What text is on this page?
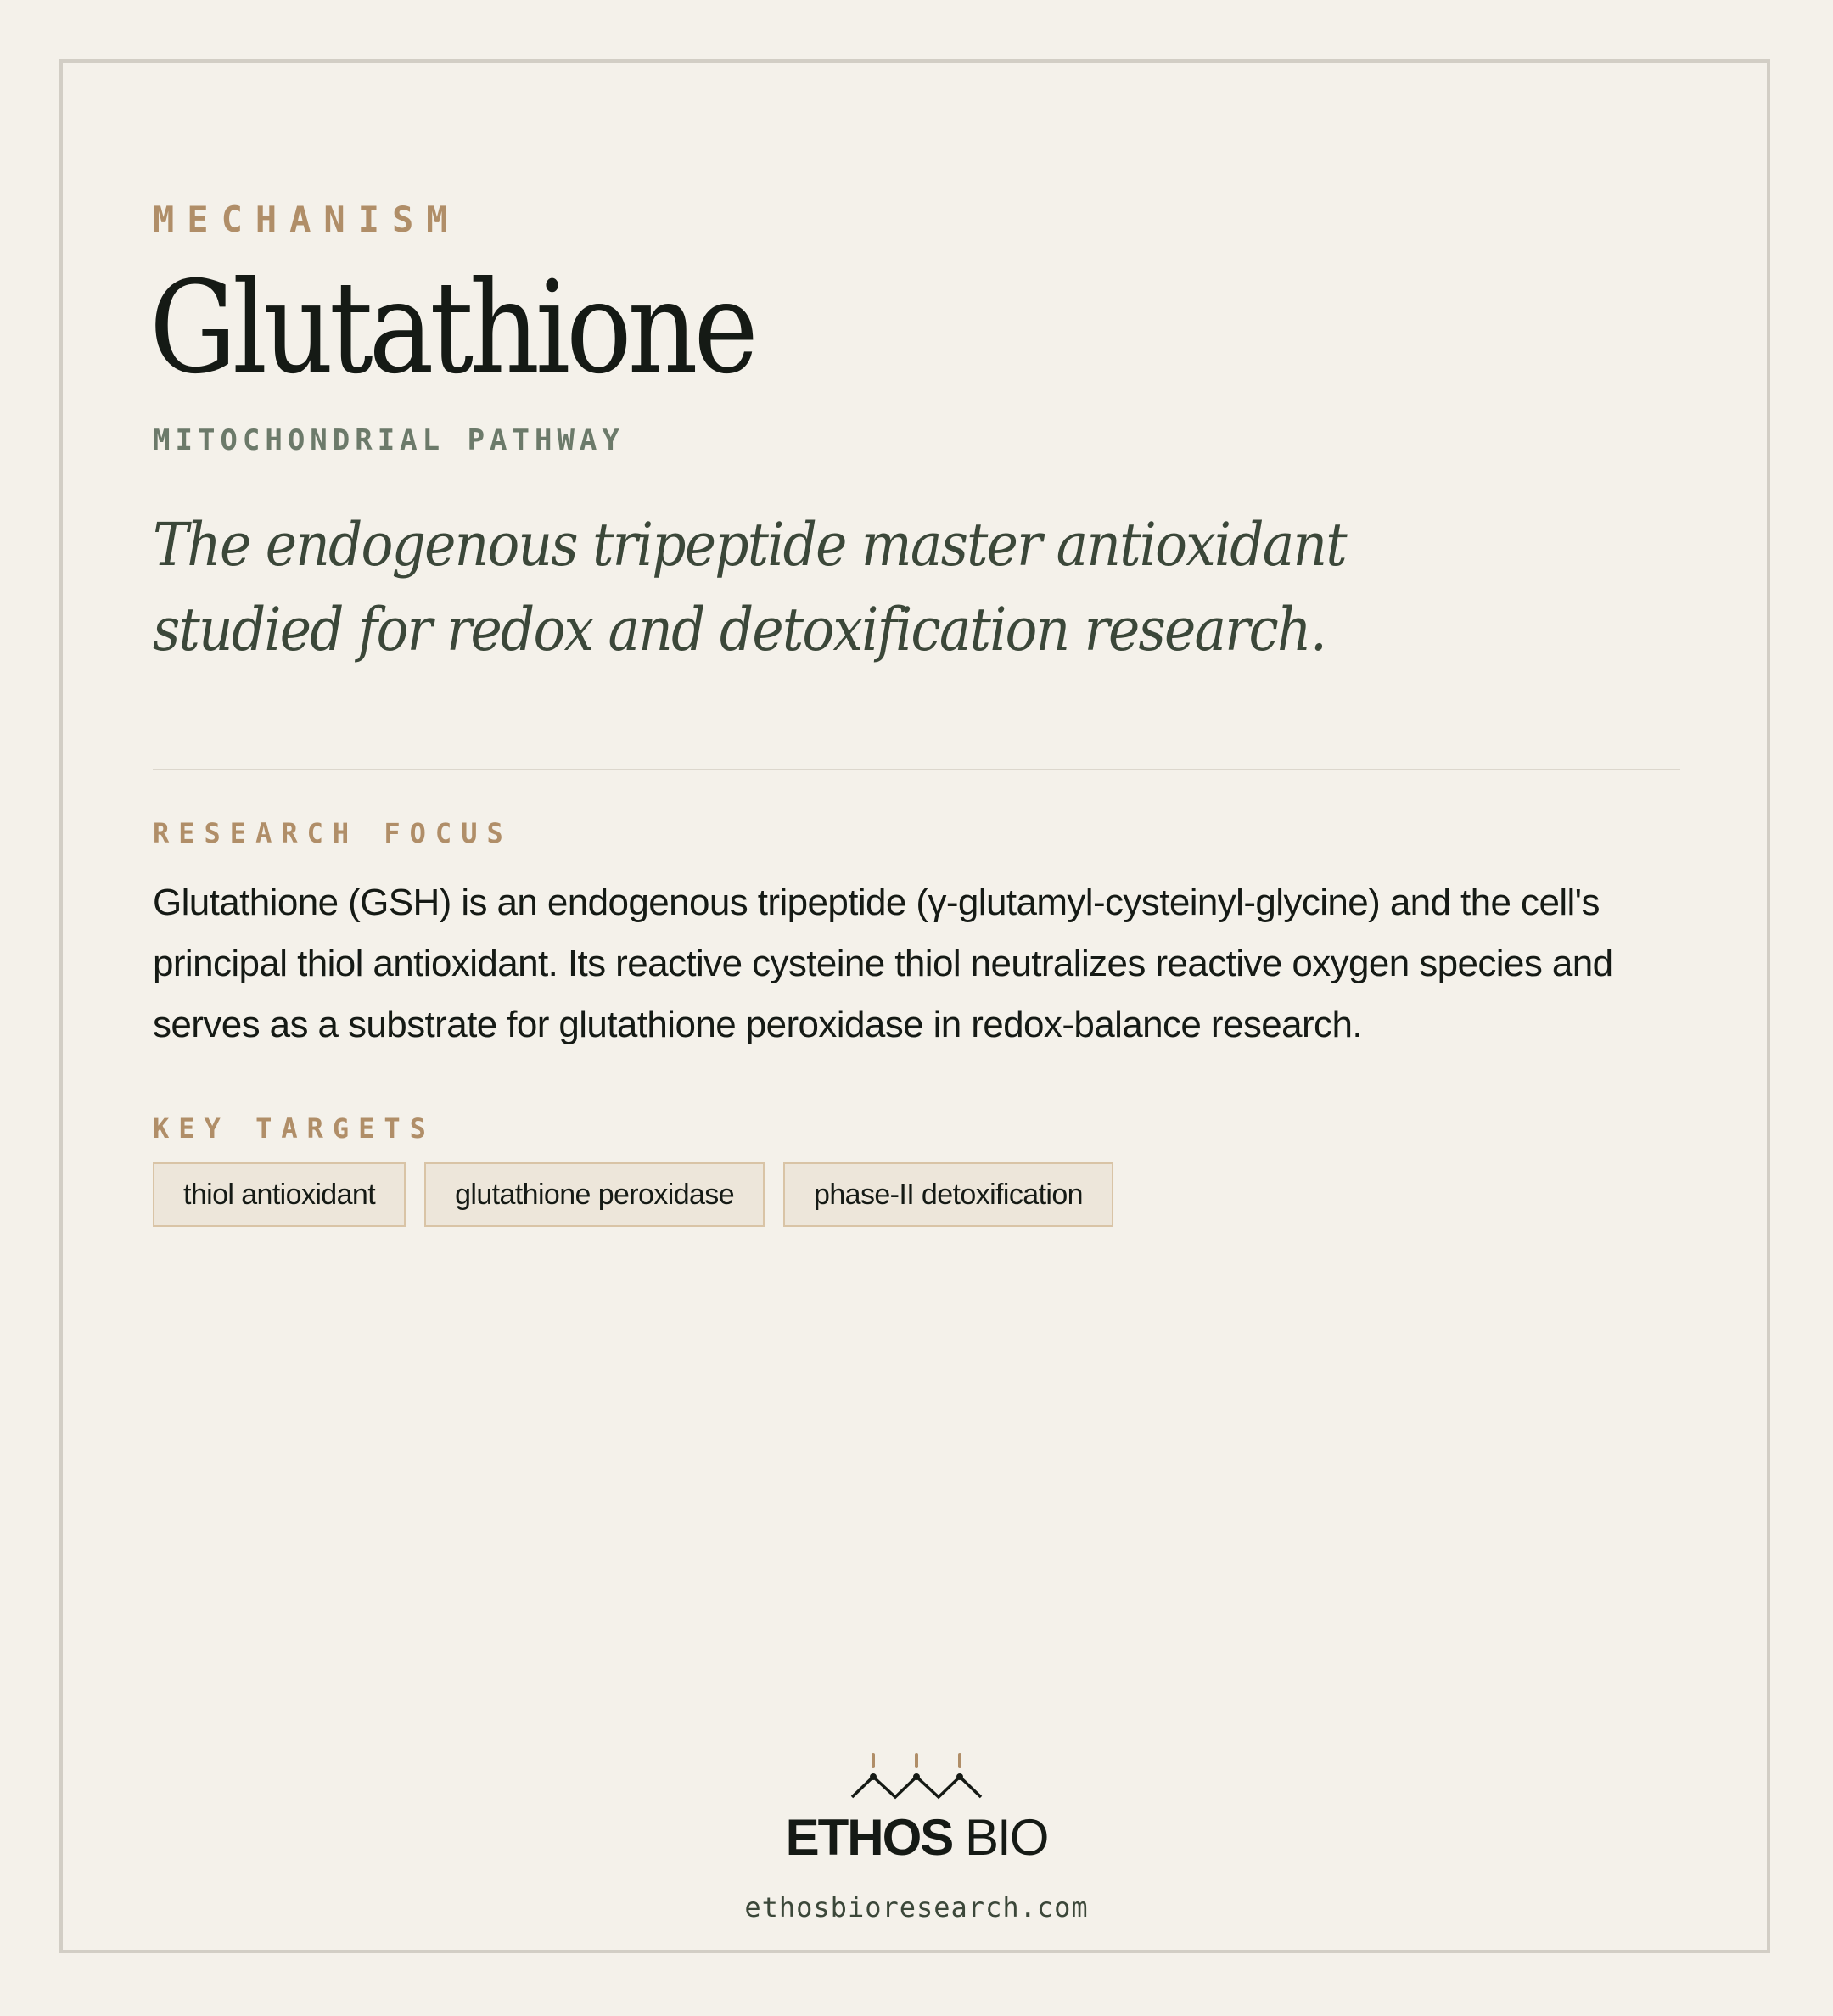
MECHANISM
Glutathione
MITOCHONDRIAL PATHWAY
The endogenous tripeptide master antioxidant studied for redox and detoxification research.
RESEARCH FOCUS
Glutathione (GSH) is an endogenous tripeptide (γ-glutamyl-cysteinyl-glycine) and the cell's principal thiol antioxidant. Its reactive cysteine thiol neutralizes reactive oxygen species and serves as a substrate for glutathione peroxidase in redox-balance research.
KEY TARGETS
thiol antioxidant	glutathione peroxidase	phase-II detoxification
ETHOS BIO
ethosbioresearch.com
